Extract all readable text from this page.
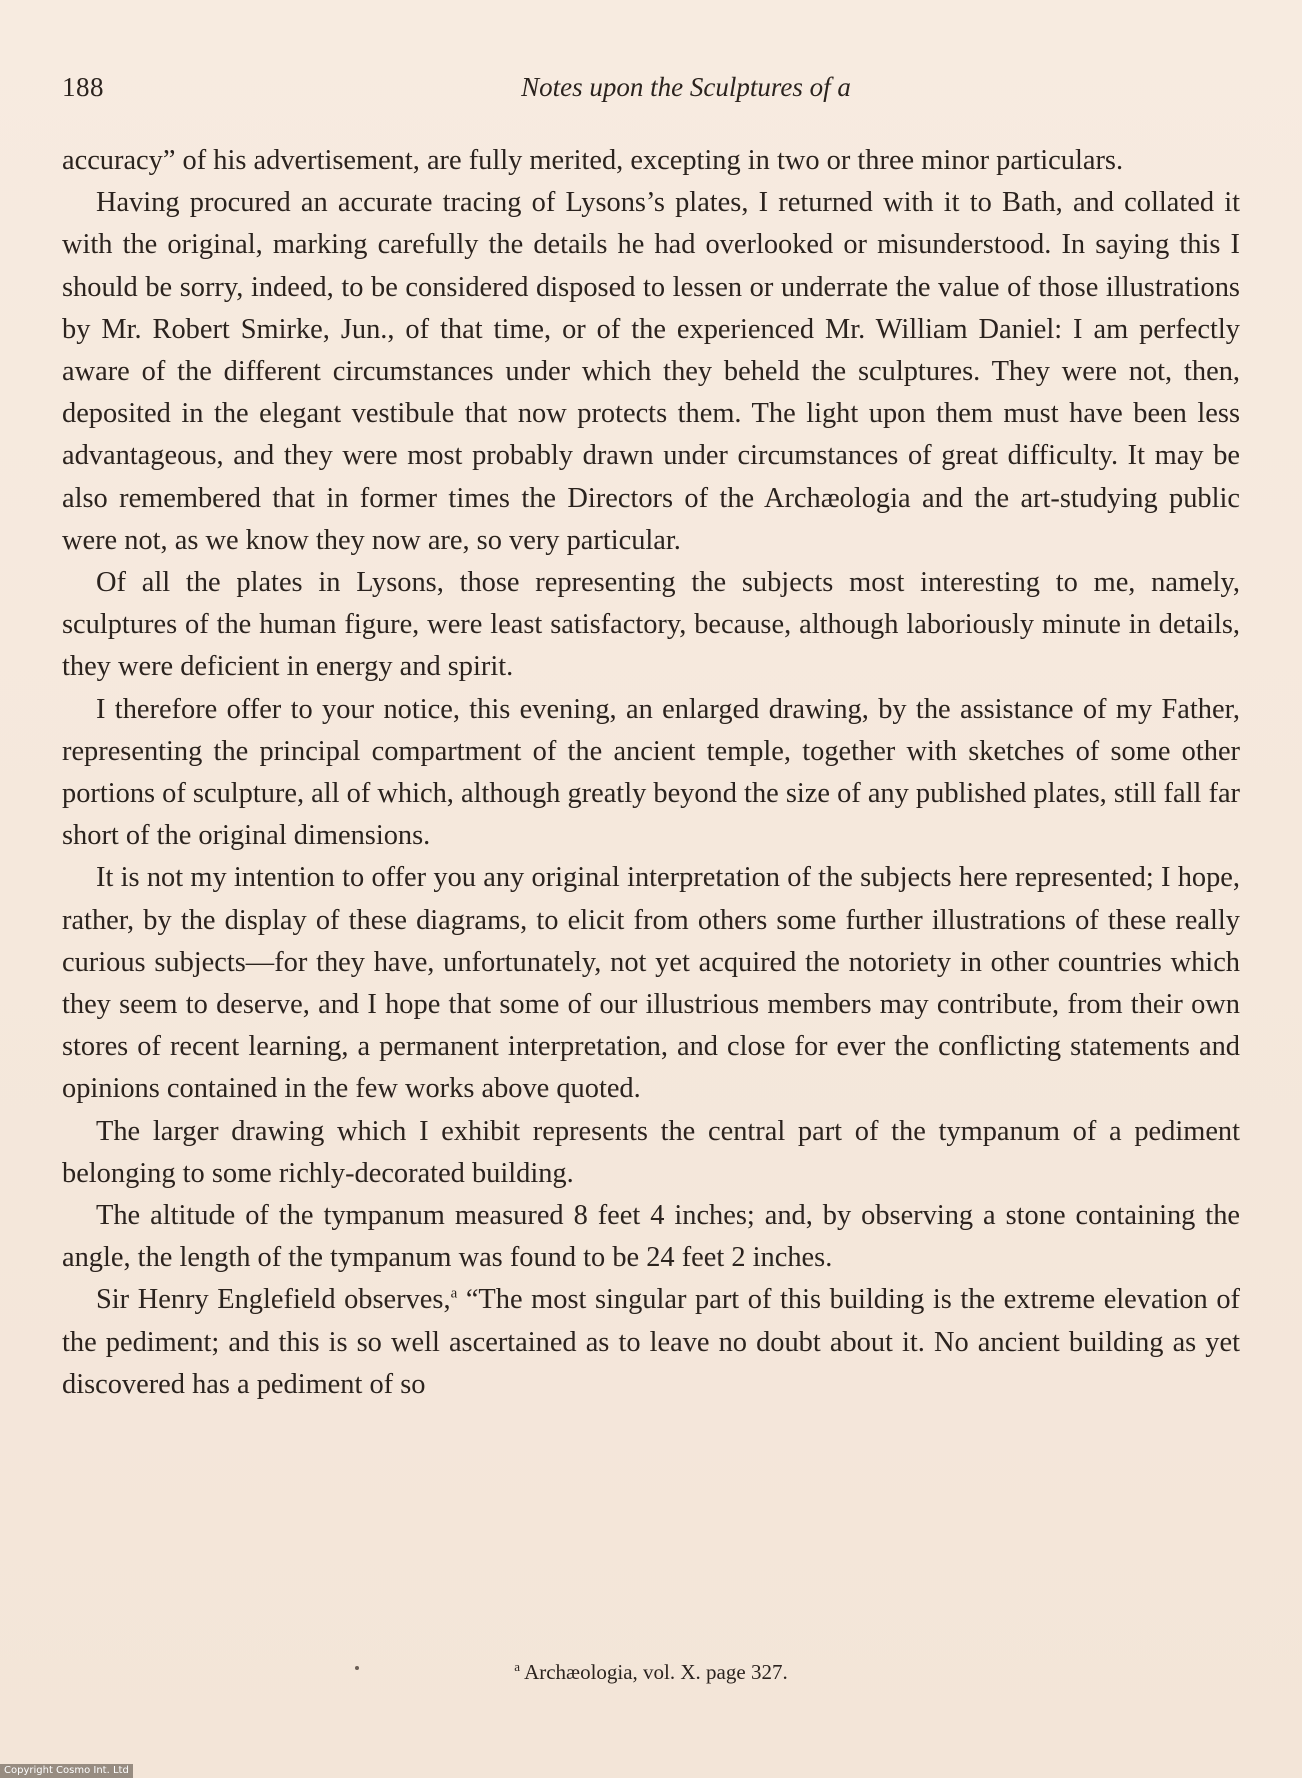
188	Notes upon the Sculptures of a

accuracy” of his advertisement, are fully merited, excepting in two or three minor particulars.

Having procured an accurate tracing of Lysons’s plates, I returned with it to Bath, and collated it with the original, marking carefully the details he had overlooked or misunderstood. In saying this I should be sorry, indeed, to be considered disposed to lessen or underrate the value of those illustrations by Mr. Robert Smirke, Jun., of that time, or of the experienced Mr. William Daniel: I am perfectly aware of the different circumstances under which they beheld the sculptures. They were not, then, deposited in the elegant vestibule that now protects them. The light upon them must have been less advantageous, and they were most probably drawn under circumstances of great difficulty. It may be also remembered that in former times the Directors of the Archæologia and the art-studying public were not, as we know they now are, so very particular.

Of all the plates in Lysons, those representing the subjects most interesting to me, namely, sculptures of the human figure, were least satisfactory, because, although laboriously minute in details, they were deficient in energy and spirit.

I therefore offer to your notice, this evening, an enlarged drawing, by the assistance of my Father, representing the principal compartment of the ancient temple, together with sketches of some other portions of sculpture, all of which, although greatly beyond the size of any published plates, still fall far short of the original dimensions.

It is not my intention to offer you any original interpretation of the subjects here represented; I hope, rather, by the display of these diagrams, to elicit from others some further illustrations of these really curious subjects—for they have, unfortunately, not yet acquired the notoriety in other countries which they seem to deserve, and I hope that some of our illustrious members may contribute, from their own stores of recent learning, a permanent interpretation, and close for ever the conflicting statements and opinions contained in the few works above quoted.

The larger drawing which I exhibit represents the central part of the tympanum of a pediment belonging to some richly-decorated building.

The altitude of the tympanum measured 8 feet 4 inches; and, by observing a stone containing the angle, the length of the tympanum was found to be 24 feet 2 inches.

Sir Henry Englefield observes,$^a$ “The most singular part of this building is the extreme elevation of the pediment; and this is so well ascertained as to leave no doubt about it. No ancient building as yet discovered has a pediment of so

$^a$ Archæologia, vol. X. page 327.
Copyright Cosmo Int. Ltd
